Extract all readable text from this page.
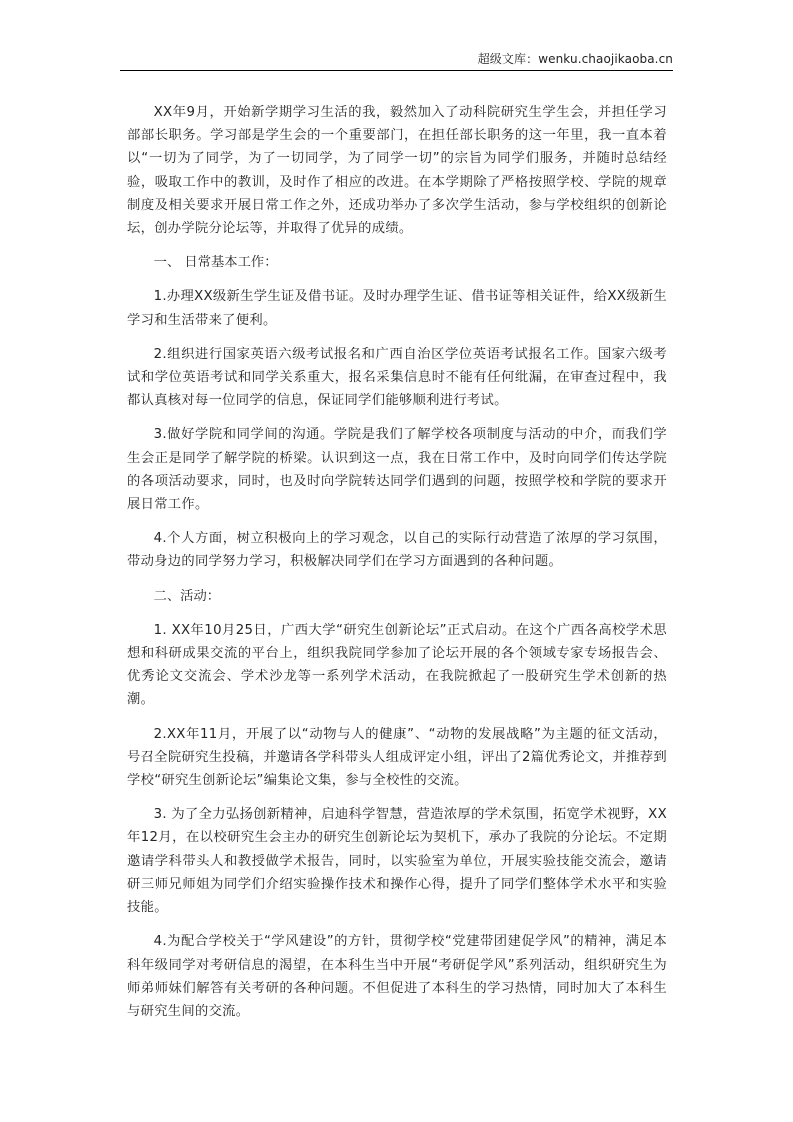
超级文库：wenku.chaojikaoba.cn

XX年9月，开始新学期学习生活的我，毅然加入了动科院研究生学生会，并担任学习部部长职务。学习部是学生会的一个重要部门，在担任部长职务的这一年里，我一直本着以“一切为了同学，为了一切同学，为了同学一切”的宗旨为同学们服务，并随时总结经验，吸取工作中的教训，及时作了相应的改进。在本学期除了严格按照学校、学院的规章制度及相关要求开展日常工作之外，还成功举办了多次学生活动，参与学校组织的创新论坛，创办学院分论坛等，并取得了优异的成绩。

一、 日常基本工作：

1.办理XX级新生学生证及借书证。及时办理学生证、借书证等相关证件，给XX级新生学习和生活带来了便利。

2.组织进行国家英语六级考试报名和广西自治区学位英语考试报名工作。国家六级考试和学位英语考试和同学关系重大，报名采集信息时不能有任何纰漏，在审查过程中，我都认真核对每一位同学的信息，保证同学们能够顺利进行考试。

3.做好学院和同学间的沟通。学院是我们了解学校各项制度与活动的中介，而我们学生会正是同学了解学院的桥梁。认识到这一点，我在日常工作中，及时向同学们传达学院的各项活动要求，同时，也及时向学院转达同学们遇到的问题，按照学校和学院的要求开展日常工作。

4.个人方面，树立积极向上的学习观念，以自己的实际行动营造了浓厚的学习氛围，带动身边的同学努力学习，积极解决同学们在学习方面遇到的各种问题。

二、活动：

1. XX年10月25日，广西大学“研究生创新论坛”正式启动。在这个广西各高校学术思想和科研成果交流的平台上，组织我院同学参加了论坛开展的各个领域专家专场报告会、优秀论文交流会、学术沙龙等一系列学术活动，在我院掀起了一股研究生学术创新的热潮。

2.XX年11月，开展了以“动物与人的健康”、“动物的发展战略”为主题的征文活动，号召全院研究生投稿，并邀请各学科带头人组成评定小组，评出了2篇优秀论文，并推荐到学校“研究生创新论坛”编集论文集，参与全校性的交流。

3. 为了全力弘扬创新精神，启迪科学智慧，营造浓厚的学术氛围，拓宽学术视野，XX年12月，在以校研究生会主办的研究生创新论坛为契机下，承办了我院的分论坛。不定期邀请学科带头人和教授做学术报告，同时，以实验室为单位，开展实验技能交流会，邀请研三师兄师姐为同学们介绍实验操作技术和操作心得，提升了同学们整体学术水平和实验技能。

4.为配合学校关于“学风建设”的方针，贯彻学校“党建带团建促学风”的精神，满足本科年级同学对考研信息的渴望，在本科生当中开展“考研促学风”系列活动，组织研究生为师弟师妹们解答有关考研的各种问题。不但促进了本科生的学习热情，同时加大了本科生与研究生间的交流。
